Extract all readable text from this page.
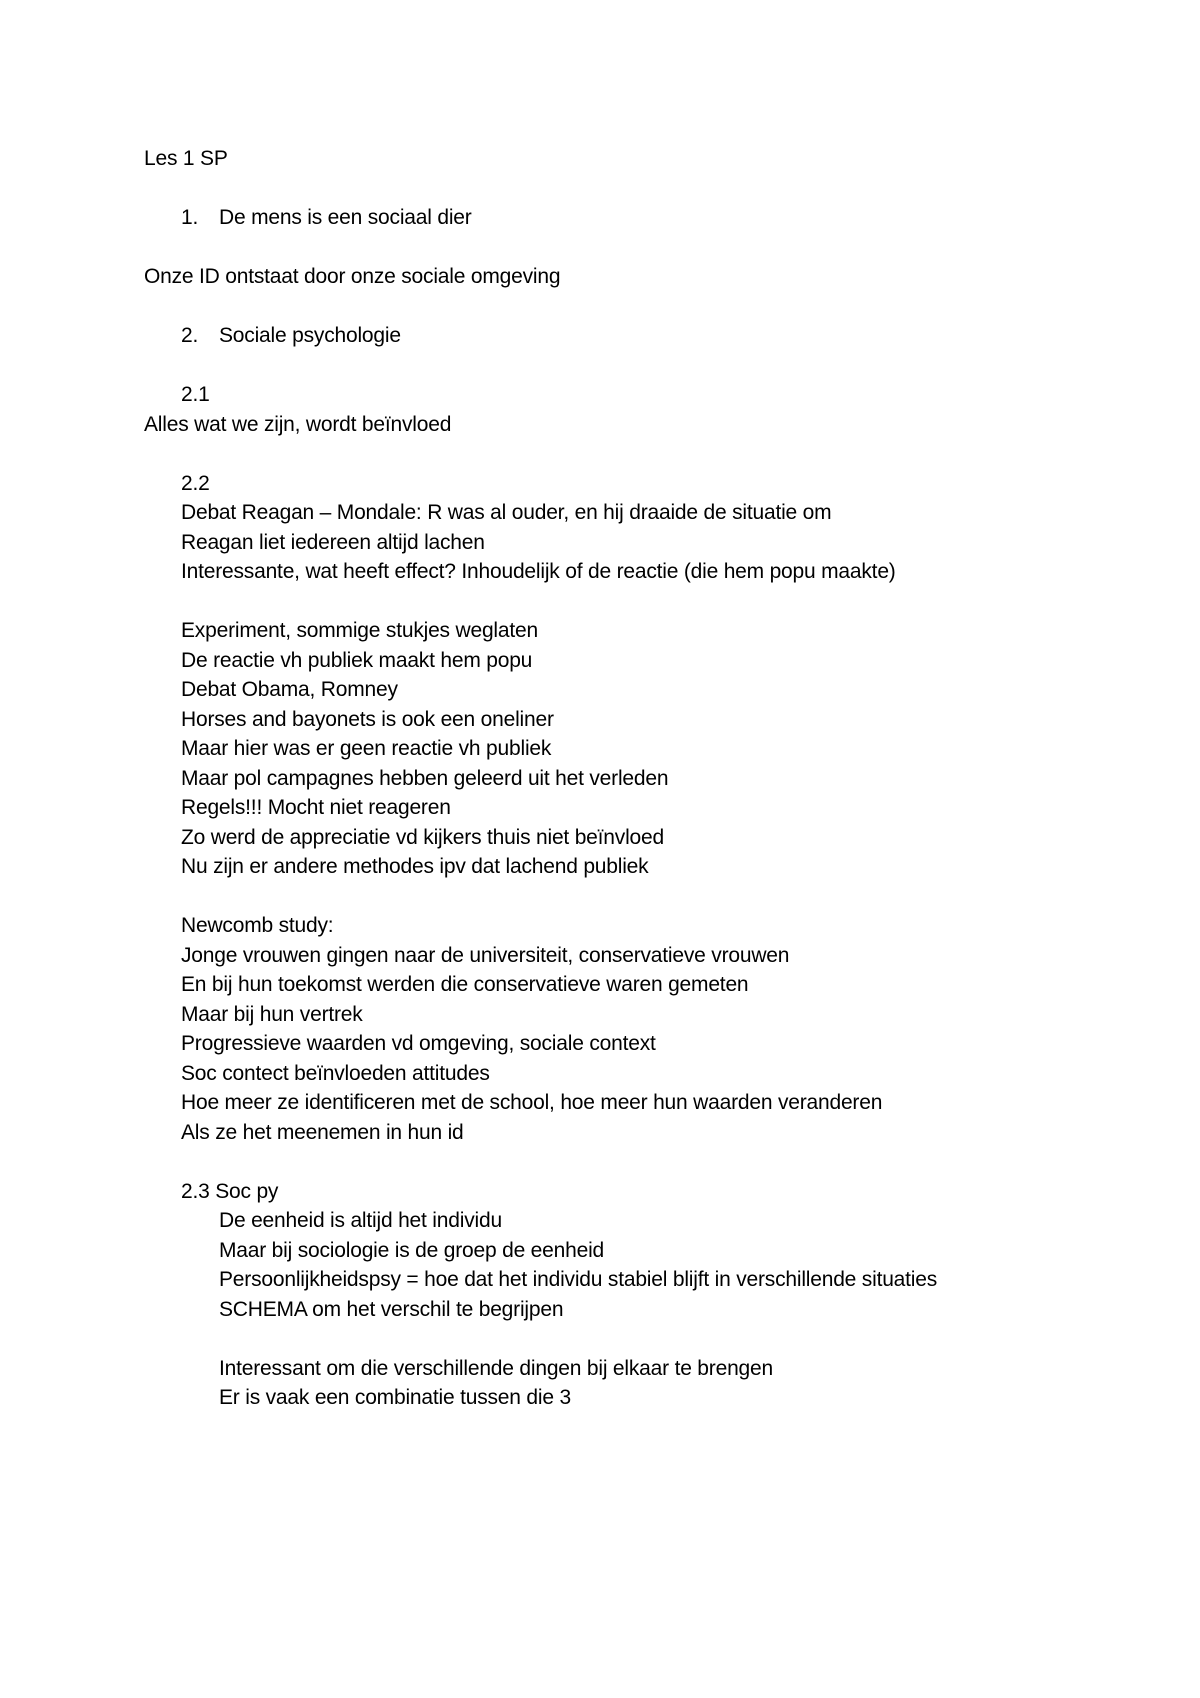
Les 1 SP
1. De mens is een sociaal dier
Onze ID ontstaat door onze sociale omgeving
2. Sociale psychologie
2.1
Alles wat we zijn, wordt beïnvloed
2.2
Debat Reagan – Mondale: R was al ouder, en hij draaide de situatie om
Reagan liet iedereen altijd lachen
Interessante, wat heeft effect? Inhoudelijk of de reactie (die hem popu maakte)
Experiment, sommige stukjes weglaten
De reactie vh publiek maakt hem popu
Debat Obama, Romney
Horses and bayonets is ook een oneliner
Maar hier was er geen reactie vh publiek
Maar pol campagnes hebben geleerd uit het verleden
Regels!!! Mocht niet reageren
Zo werd de appreciatie vd kijkers thuis niet beïnvloed
Nu zijn er andere methodes ipv dat lachend publiek
Newcomb study:
Jonge vrouwen gingen naar de universiteit, conservatieve vrouwen
En bij hun toekomst werden die conservatieve waren gemeten
Maar bij hun vertrek
Progressieve waarden vd omgeving, sociale context
Soc contect beïnvloeden attitudes
Hoe meer ze identificeren met de school, hoe meer hun waarden veranderen
Als ze het meenemen in hun id
2.3 Soc py
De eenheid is altijd het individu
Maar bij sociologie is de groep de eenheid
Persoonlijkheidspsy = hoe dat het individu stabiel blijft in verschillende situaties
SCHEMA om het verschil te begrijpen
Interessant om die verschillende dingen bij elkaar te brengen
Er is vaak een combinatie tussen die 3
